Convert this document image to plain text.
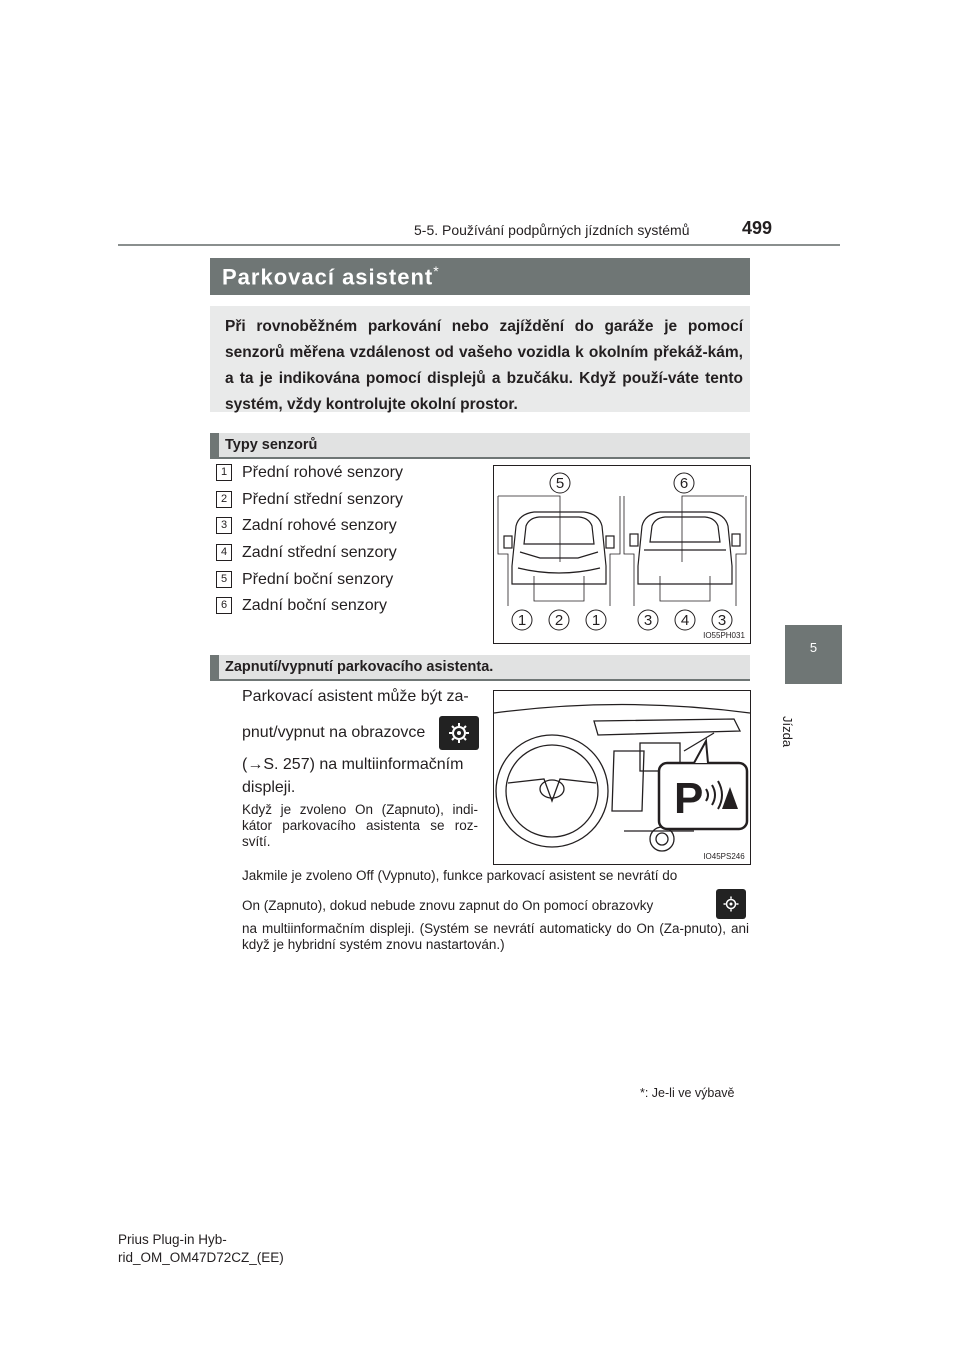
5-5. Používání podpůrných jízdních systémů	499
5
Jízda
Parkovací asistent*
Při rovnoběžném parkování nebo zajíždění do garáže je pomocí senzorů měřena vzdálenost od vašeho vozidla k okolním překáž-kám, a ta je indikována pomocí displejů a bzučáku. Když použí-váte tento systém, vždy kontrolujte okolní prostor.
Typy senzorů
1 Přední rohové senzory
2 Přední střední senzory
3 Zadní rohové senzory
4 Zadní střední senzory
5 Přední boční senzory
6 Zadní boční senzory
5	6
1 2 1	3 4 3
IO55PH031
Zapnutí/vypnutí parkovacího asistenta.
Parkovací asistent může být za-
pnut/vypnut na obrazovce
(→S. 257) na multiinformačním
displeji.
Když je zvoleno On (Zapnuto), indi-kátor parkovacího asistenta se roz-svítí.
P
IO45PS246
Jakmile je zvoleno Off (Vypnuto), funkce parkovací asistent se nevrátí do
On (Zapnuto), dokud nebude znovu zapnut do On pomocí obrazovky
na multiinformačním displeji. (Systém se nevrátí automaticky do On (Za-pnuto), ani když je hybridní systém znovu nastartován.)
*: Je-li ve výbavě
Prius Plug-in Hyb-
rid_OM_OM47D72CZ_(EE)
